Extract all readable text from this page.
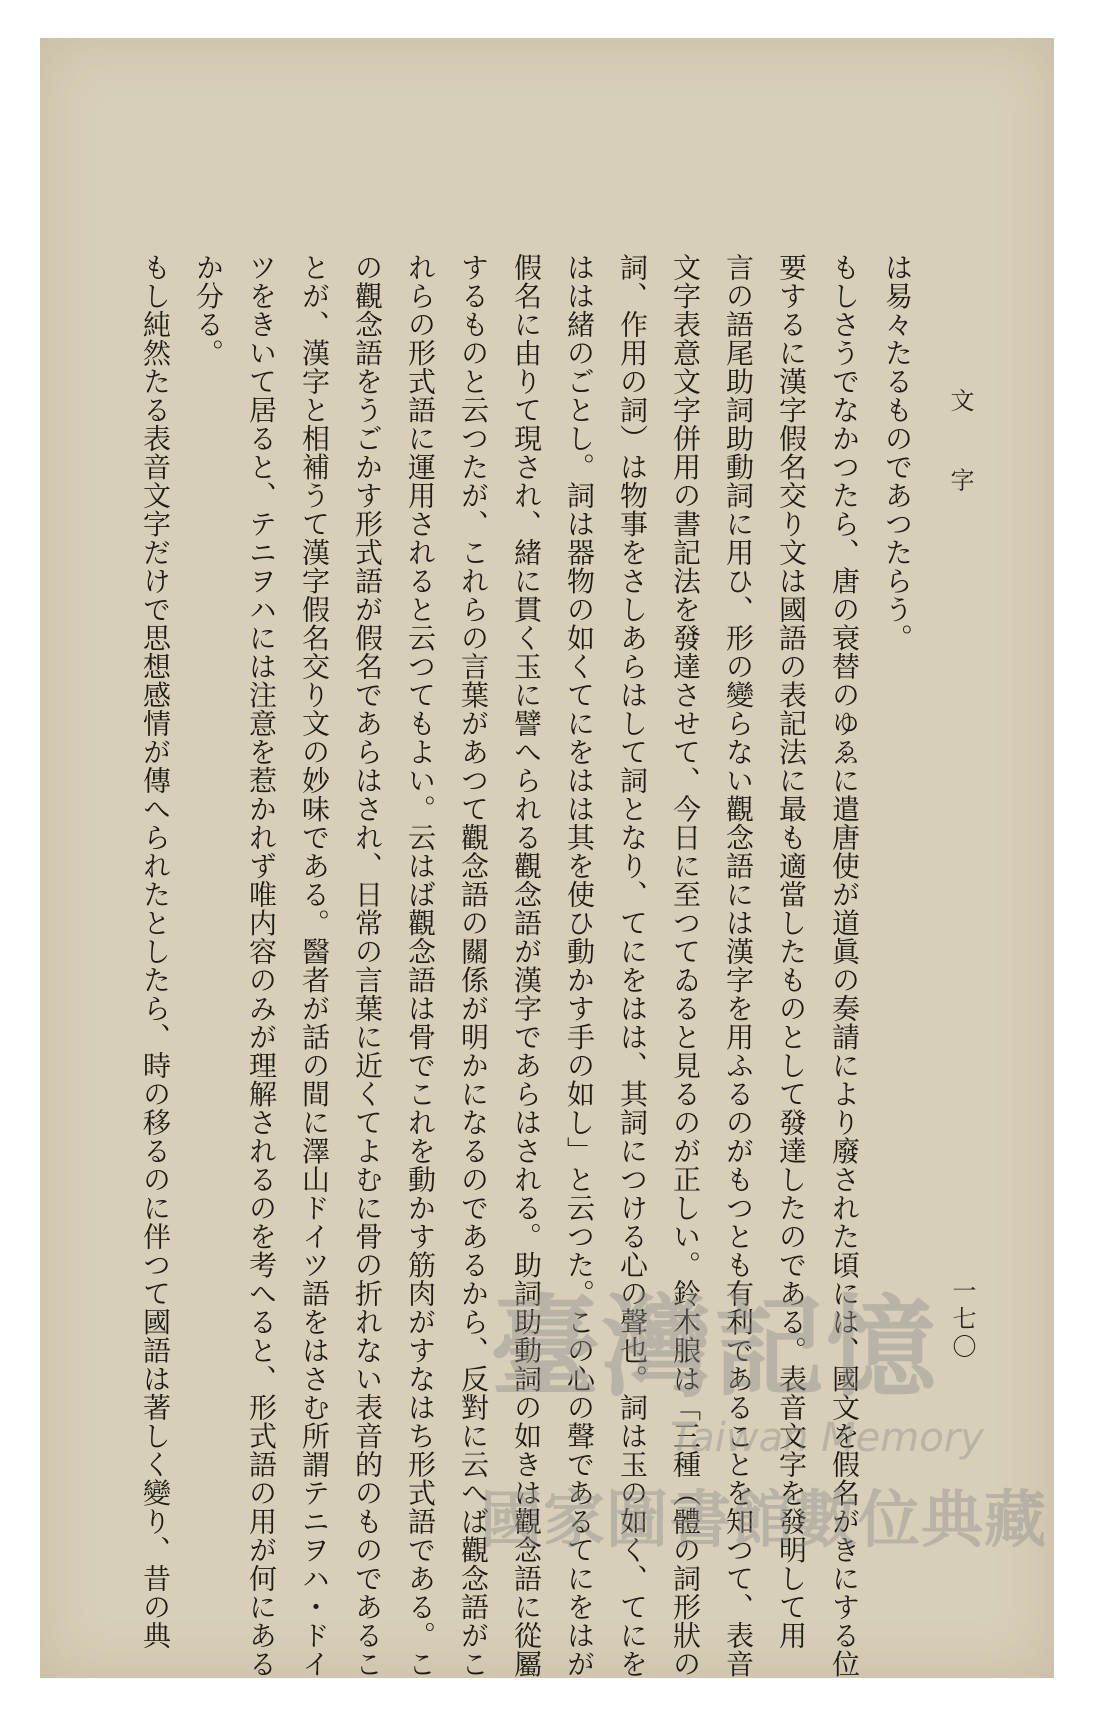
文 字
一七〇
は易々たるものであつたらう。
もしさうでなかつたら、唐の衰替のゆゑに遣唐使が道眞の奏請により廢された頃には、國文を假名がきにする位
要するに漢字假名交り文は國語の表記法に最も適當したものとして發達したのである。表音文字を發明して用
言の語尾助詞助動詞に用ひ、形の變らない觀念語には漢字を用ふるのがもつとも有利であることを知つて、表音
文字表意文字併用の書記法を發達させて、今日に至つてゐると見るのが正しい。鈴木朖は「三種（體の詞形狀の
詞、作用の詞）は物事をさしあらはして詞となり、てにをはは、其詞につける心の聲也。詞は玉の如く、てにを
はは緒のごとし。詞は器物の如くてにをはは其を使ひ動かす手の如し」と云つた。この心の聲であるてにをはが
假名に由りて現され、緒に貫く玉に譬へられる觀念語が漢字であらはされる。助詞助動詞の如きは觀念語に從屬
するものと云つたが、これらの言葉があつて觀念語の關係が明かになるのであるから、反對に云へば觀念語がこ
れらの形式語に運用されると云つてもよい。云はば觀念語は骨でこれを動かす筋肉がすなはち形式語である。こ
の觀念語をうごかす形式語が假名であらはされ、日常の言葉に近くてよむに骨の折れない表音的のものであるこ
とが、漢字と相補うて漢字假名交り文の妙味である。醫者が話の間に澤山ドイツ語をはさむ所謂テニヲハ・ドイ
ツをきいて居ると、テニヲハには注意を惹かれず唯内容のみが理解されるのを考へると、形式語の用が何にある
か分る。
もし純然たる表音文字だけで思想感情が傳へられたとしたら、時の移るのに伴つて國語は著しく變り、昔の典	臺灣記憶
Taiwan Memory
國家圖書館數位典藏
